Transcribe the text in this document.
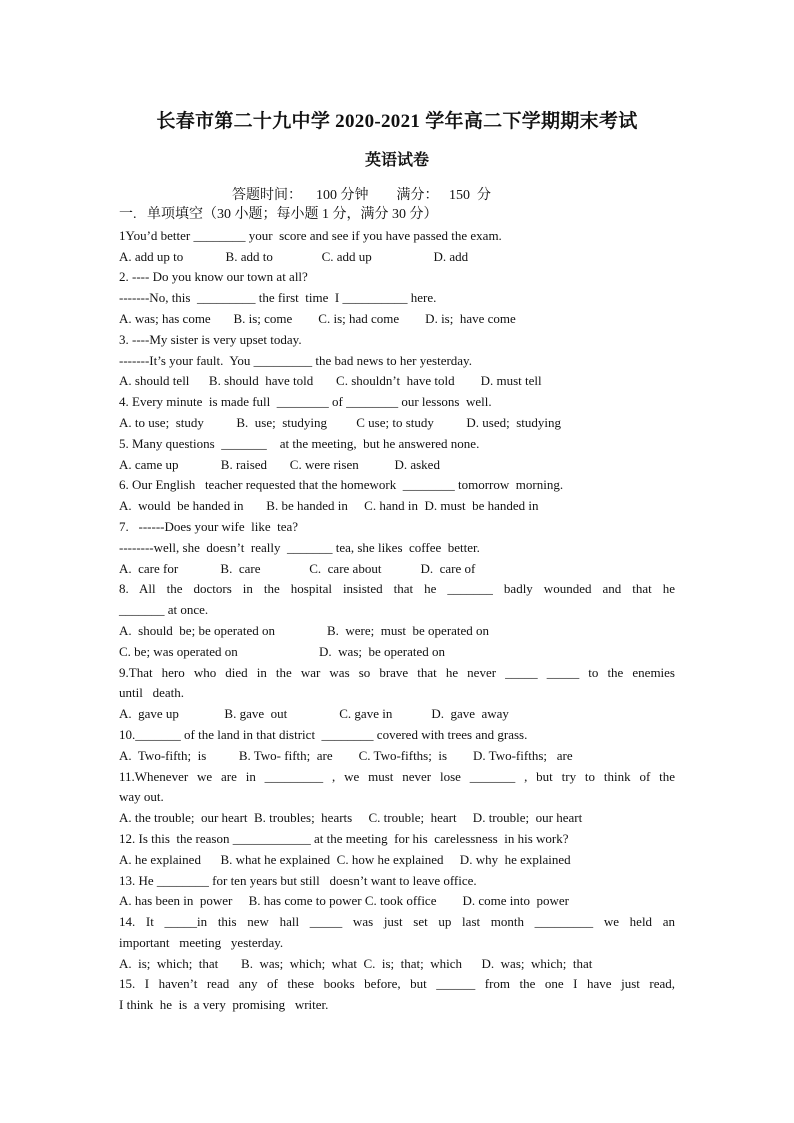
长春市第二十九中学 2020-2021 学年高二下学期期末考试
英语试卷
答题时间：    100 分钟        满分：   150  分
一.   单项填空（30 小题；每小题 1 分，满分 30 分）
1You’d better ________ your  score and see if you have passed the exam.
A. add up to             B. add to               C. add up                   D. add
2. ---- Do you know our town at all?
-------No, this  _________ the first  time  I __________ here.
A. was; has come       B. is; come        C. is; had come        D. is;  have come
3. ----My sister is very upset today.
-------It’s your fault.  You _________ the bad news to her yesterday.
A. should tell      B. should  have told       C. shouldn’t  have told        D. must tell
4. Every minute  is made full  ________ of ________ our lessons  well.
A. to use;  study          B.  use;  studying         C use; to study          D. used;  studying
5. Many questions  _______    at the meeting,  but he answered none.
A. came up             B. raised       C. were risen           D. asked
6. Our English   teacher requested that the homework  ________ tomorrow  morning.
A.  would  be handed in       B. be handed in     C. hand in  D. must  be handed in
7.   ------Does your wife  like  tea?
--------well, she  doesn’t  really  _______ tea, she likes  coffee  better.
A.  care for             B.  care               C.  care about            D.  care of
8. All the doctors in the hospital insisted that he _______ badly wounded and that he
_______ at once.
A.  should  be; be operated on                B.  were;  must  be operated on
C. be; was operated on                         D.  was;  be operated on
9.That hero who died in the war was so brave that he never _____ _____ to the enemies
until   death.
A.  gave up              B. gave  out                C. gave in            D.  gave  away
10._______ of the land in that district  ________ covered with trees and grass.
A.  Two-fifth;  is          B. Two- fifth;  are        C. Two-fifths;  is        D. Two-fifths;   are
11.Whenever we are in _________ , we must never lose _______ , but try to think of the
way out.
A. the trouble;  our heart  B. troubles;  hearts     C. trouble;  heart     D. trouble;  our heart
12. Is this  the reason ____________ at the meeting  for his  carelessness  in his work?
A. he explained      B. what he explained  C. how he explained     D. why  he explained
13. He ________ for ten years but still   doesn’t want to leave office.
A. has been in  power     B. has come to power C. took office        D. come into  power
14. It _____in this new hall _____ was just set up last month _________ we held an
important   meeting   yesterday.
A.  is;  which;  that       B.  was;  which;  what  C.  is;  that;  which      D.  was;  which;  that
15. I haven’t read any of these books before, but ______ from the one I have just read,
I think  he  is  a very  promising   writer.
